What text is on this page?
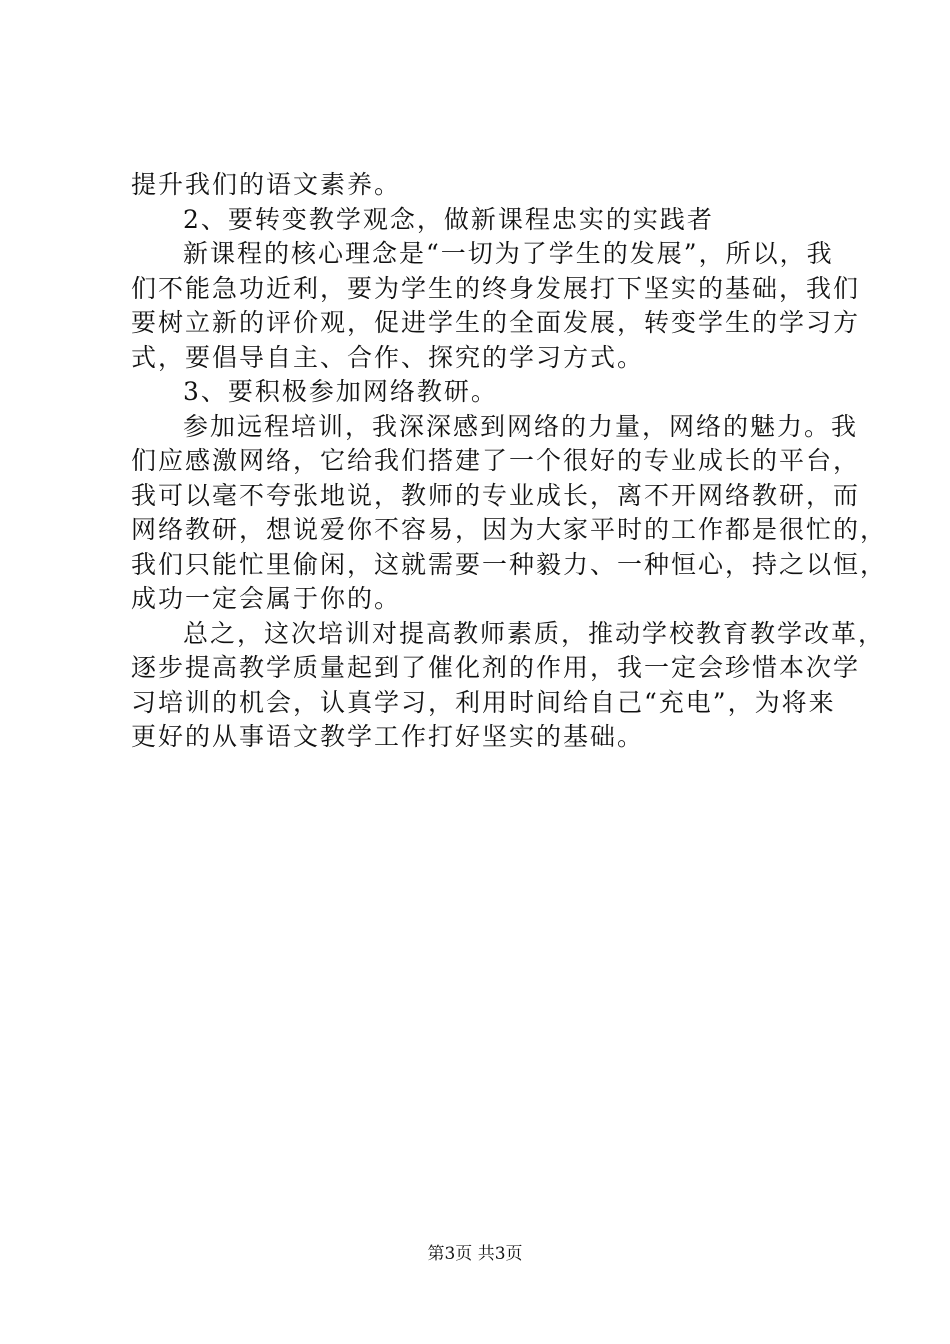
提升我们的语文素养。
2、要转变教学观念，做新课程忠实的实践者
新课程的核心理念是“一切为了学生的发展”，所以，我
们不能急功近利，要为学生的终身发展打下坚实的基础，我们
要树立新的评价观，促进学生的全面发展，转变学生的学习方
式，要倡导自主、合作、探究的学习方式。
3、要积极参加网络教研。
参加远程培训，我深深感到网络的力量，网络的魅力。我
们应感激网络，它给我们搭建了一个很好的专业成长的平台，
我可以毫不夸张地说，教师的专业成长，离不开网络教研，而
网络教研，想说爱你不容易，因为大家平时的工作都是很忙的，
我们只能忙里偷闲，这就需要一种毅力、一种恒心，持之以恒，
成功一定会属于你的。
总之，这次培训对提高教师素质，推动学校教育教学改革，
逐步提高教学质量起到了催化剂的作用，我一定会珍惜本次学
习培训的机会，认真学习，利用时间给自己“充电”，为将来
更好的从事语文教学工作打好坚实的基础。
第3页 共3页
